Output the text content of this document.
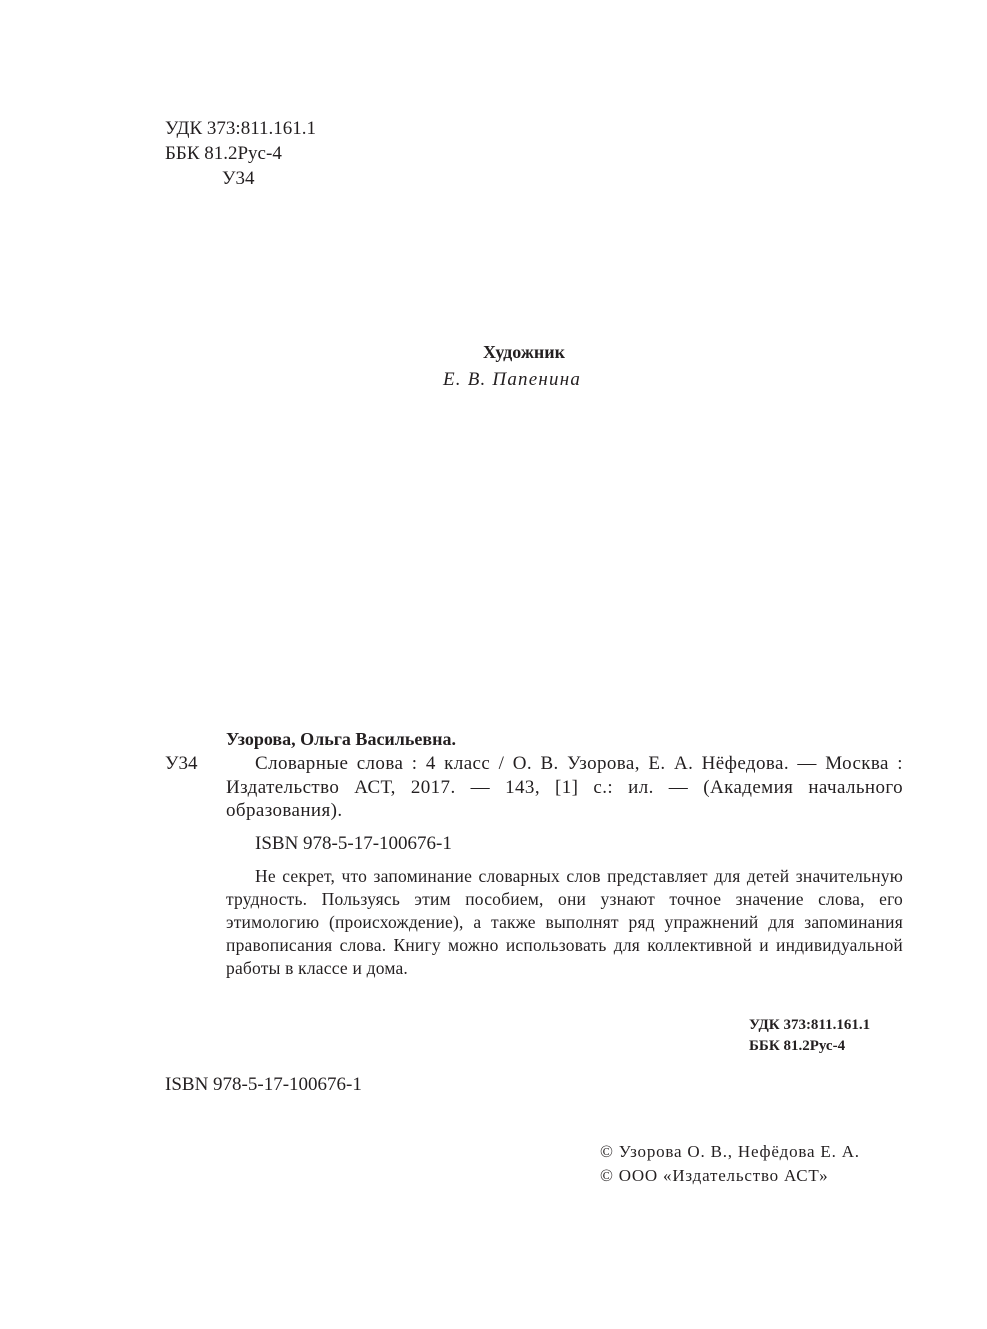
УДК 373:811.161.1
ББК 81.2Рус-4
У34
Художник
Е. В. Папенина
Узорова, Ольга Васильевна.
У34	Словарные слова : 4 класс / О. В. Узорова, Е. А. Нёфедова. — Москва : Издательство АСТ, 2017. — 143, [1] с.: ил. — (Академия начального образования).
ISBN 978-5-17-100676-1
Не секрет, что запоминание словарных слов представляет для детей значительную трудность. Пользуясь этим пособием, они узнают точное значение слова, его этимологию (происхождение), а также выполнят ряд упражнений для запоминания правописания слова. Книгу можно использовать для коллективной и индивидуальной работы в классе и дома.
УДК 373:811.161.1
ББК 81.2Рус-4
ISBN 978-5-17-100676-1
© Узорова О. В., Нефёдова Е. А.
© ООО «Издательство АСТ»
